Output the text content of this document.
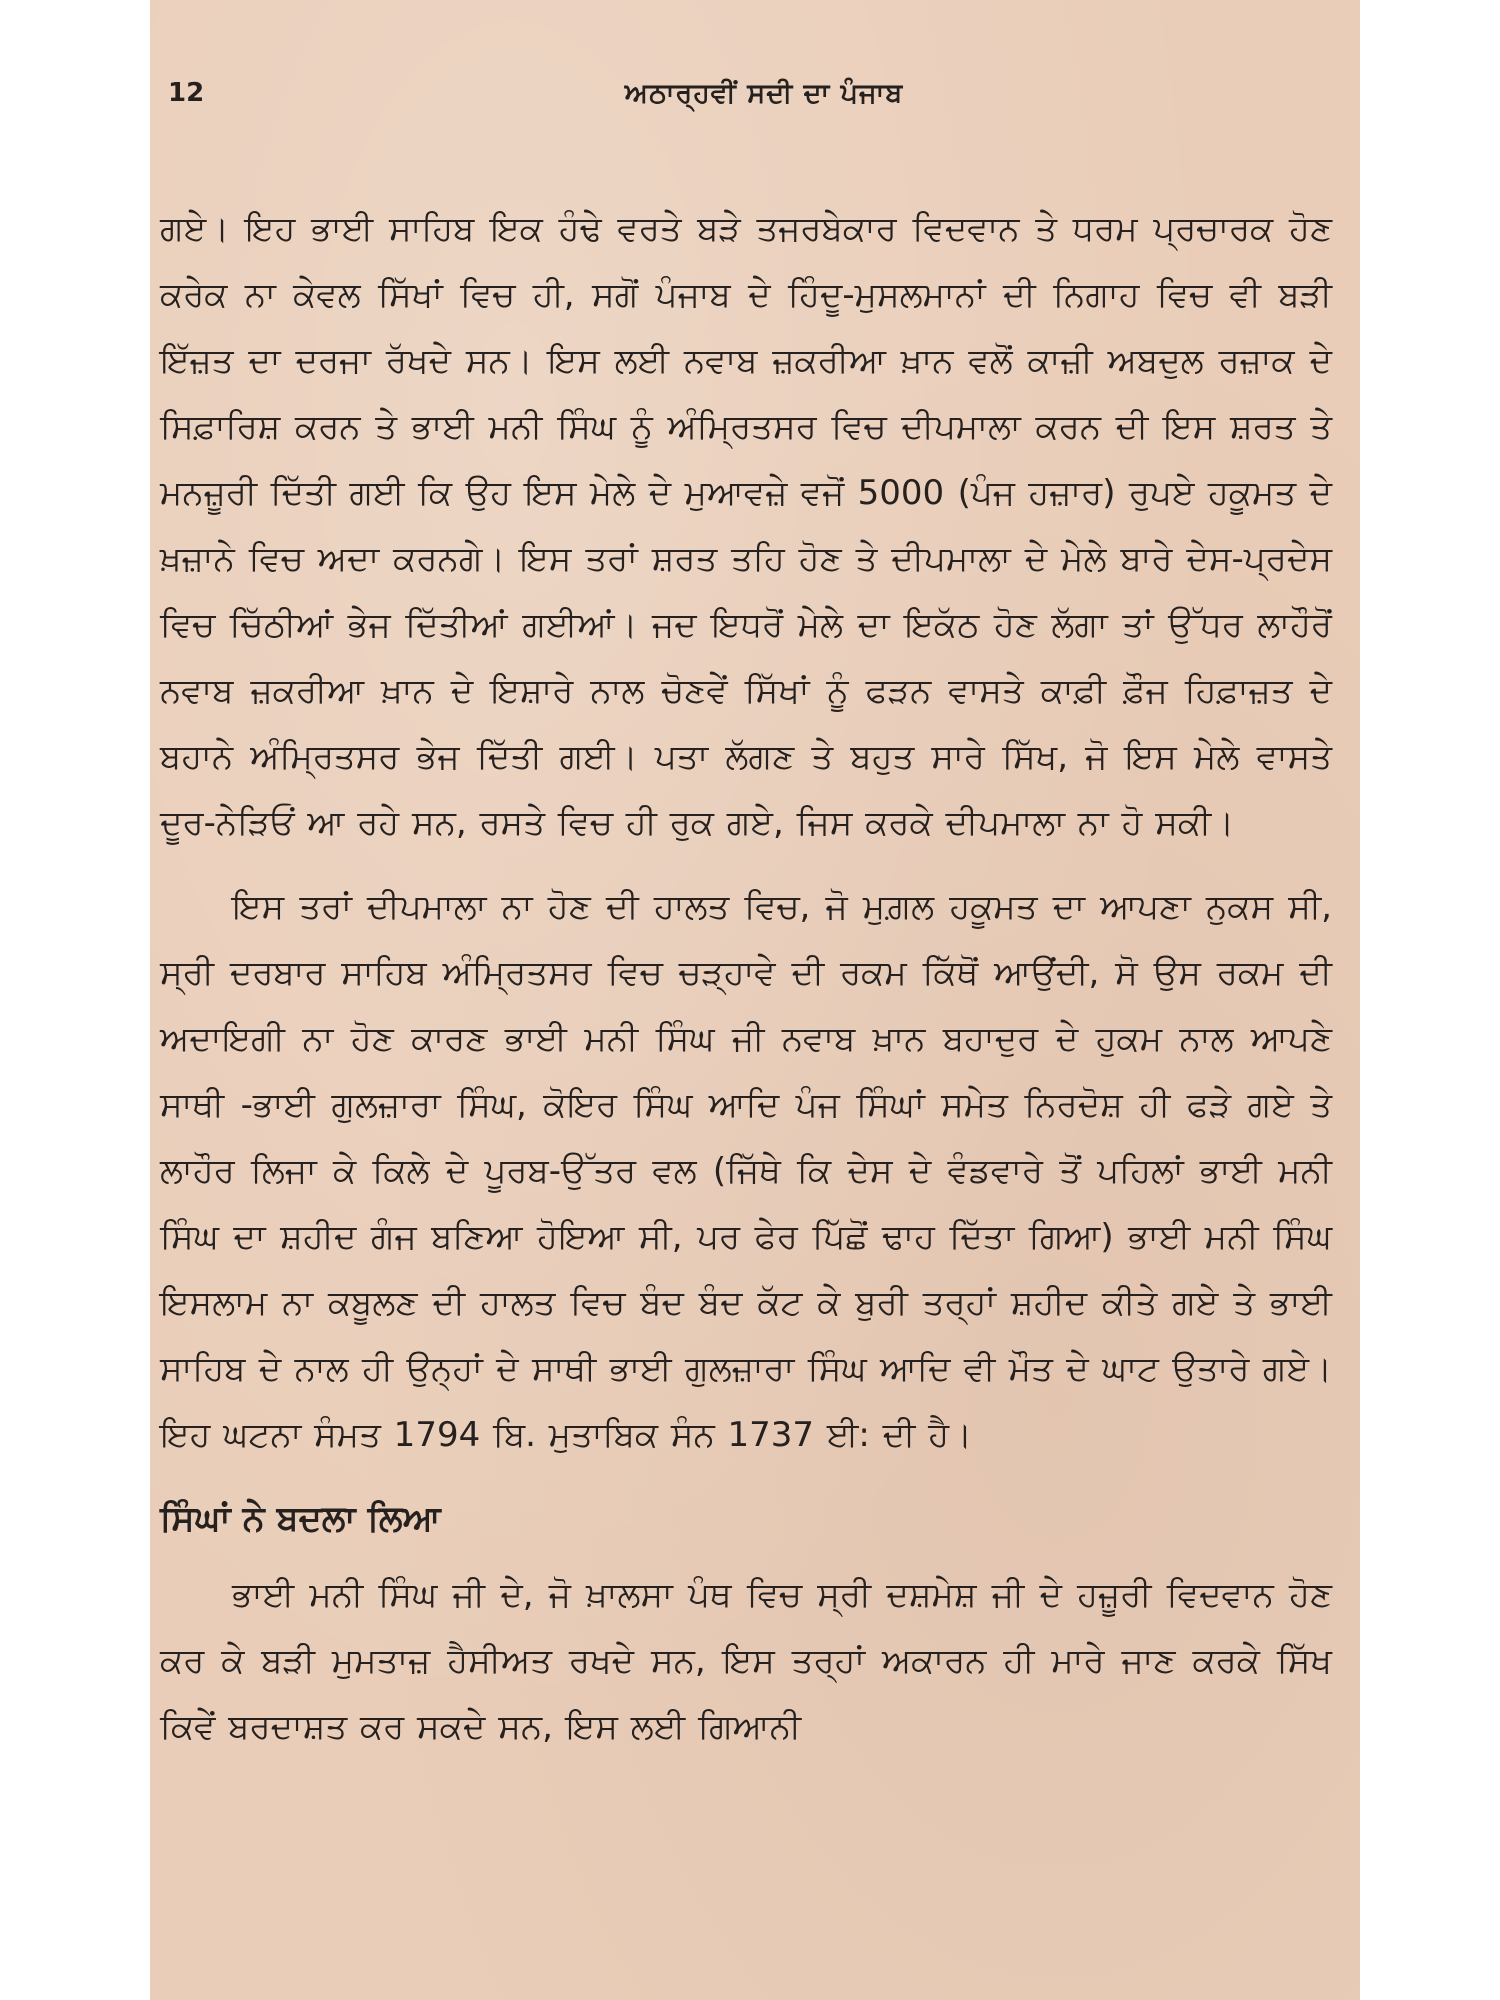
12	ਅਠਾਰ੍ਹਵੀਂ ਸਦੀ ਦਾ ਪੰਜਾਬ

ਗਏ। ਇਹ ਭਾਈ ਸਾਹਿਬ ਇਕ ਹੰਢੇ ਵਰਤੇ ਬੜੇ ਤਜਰਬੇਕਾਰ ਵਿਦਵਾਨ ਤੇ ਧਰਮ ਪ੍ਰਚਾਰਕ ਹੋਣ ਕਰੇਕ ਨਾ ਕੇਵਲ ਸਿੱਖਾਂ ਵਿਚ ਹੀ, ਸਗੋਂ ਪੰਜਾਬ ਦੇ ਹਿੰਦੂ-ਮੁਸਲਮਾਨਾਂ ਦੀ ਨਿਗਾਹ ਵਿਚ ਵੀ ਬੜੀ ਇੱਜ਼ਤ ਦਾ ਦਰਜਾ ਰੱਖਦੇ ਸਨ। ਇਸ ਲਈ ਨਵਾਬ ਜ਼ਕਰੀਆ ਖ਼ਾਨ ਵਲੋਂ ਕਾਜ਼ੀ ਅਬਦੁਲ ਰਜ਼ਾਕ ਦੇ ਸਿਫ਼ਾਰਿਸ਼ ਕਰਨ ਤੇ ਭਾਈ ਮਨੀ ਸਿੰਘ ਨੂੰ ਅੰਮ੍ਰਿਤਸਰ ਵਿਚ ਦੀਪਮਾਲਾ ਕਰਨ ਦੀ ਇਸ ਸ਼ਰਤ ਤੇ ਮਨਜ਼ੂਰੀ ਦਿੱਤੀ ਗਈ ਕਿ ਉਹ ਇਸ ਮੇਲੇ ਦੇ ਮੁਆਵਜ਼ੇ ਵਜੋਂ 5000 (ਪੰਜ ਹਜ਼ਾਰ) ਰੁਪਏ ਹਕੂਮਤ ਦੇ ਖ਼ਜ਼ਾਨੇ ਵਿਚ ਅਦਾ ਕਰਨਗੇ। ਇਸ ਤਰਾਂ ਸ਼ਰਤ ਤਹਿ ਹੋਣ ਤੇ ਦੀਪਮਾਲਾ ਦੇ ਮੇਲੇ ਬਾਰੇ ਦੇਸ-ਪ੍ਰਦੇਸ ਵਿਚ ਚਿੱਠੀਆਂ ਭੇਜ ਦਿੱਤੀਆਂ ਗਈਆਂ। ਜਦ ਇਧਰੋਂ ਮੇਲੇ ਦਾ ਇਕੱਠ ਹੋਣ ਲੱਗਾ ਤਾਂ ਉੱਧਰ ਲਾਹੌਰੋਂ ਨਵਾਬ ਜ਼ਕਰੀਆ ਖ਼ਾਨ ਦੇ ਇਸ਼ਾਰੇ ਨਾਲ ਚੋਣਵੇਂ ਸਿੱਖਾਂ ਨੂੰ ਫੜਨ ਵਾਸਤੇ ਕਾਫ਼ੀ ਫ਼ੌਜ ਹਿਫ਼ਾਜ਼ਤ ਦੇ ਬਹਾਨੇ ਅੰਮ੍ਰਿਤਸਰ ਭੇਜ ਦਿੱਤੀ ਗਈ। ਪਤਾ ਲੱਗਣ ਤੇ ਬਹੁਤ ਸਾਰੇ ਸਿੱਖ, ਜੋ ਇਸ ਮੇਲੇ ਵਾਸਤੇ ਦੂਰ-ਨੇੜਿਓਂ ਆ ਰਹੇ ਸਨ, ਰਸਤੇ ਵਿਚ ਹੀ ਰੁਕ ਗਏ, ਜਿਸ ਕਰਕੇ ਦੀਪਮਾਲਾ ਨਾ ਹੋ ਸਕੀ।

ਇਸ ਤਰਾਂ ਦੀਪਮਾਲਾ ਨਾ ਹੋਣ ਦੀ ਹਾਲਤ ਵਿਚ, ਜੋ ਮੁਗ਼ਲ ਹਕੂਮਤ ਦਾ ਆਪਣਾ ਨੁਕਸ ਸੀ, ਸ੍ਰੀ ਦਰਬਾਰ ਸਾਹਿਬ ਅੰਮ੍ਰਿਤਸਰ ਵਿਚ ਚੜ੍ਹਾਵੇ ਦੀ ਰਕਮ ਕਿੱਥੋਂ ਆਉਂਦੀ, ਸੋ ਉਸ ਰਕਮ ਦੀ ਅਦਾਇਗੀ ਨਾ ਹੋਣ ਕਾਰਣ ਭਾਈ ਮਨੀ ਸਿੰਘ ਜੀ ਨਵਾਬ ਖ਼ਾਨ ਬਹਾਦੁਰ ਦੇ ਹੁਕਮ ਨਾਲ ਆਪਣੇ ਸਾਥੀ -ਭਾਈ ਗੁਲਜ਼ਾਰਾ ਸਿੰਘ, ਕੋਇਰ ਸਿੰਘ ਆਦਿ ਪੰਜ ਸਿੰਘਾਂ ਸਮੇਤ ਨਿਰਦੋਸ਼ ਹੀ ਫੜੇ ਗਏ ਤੇ ਲਾਹੌਰ ਲਿਜਾ ਕੇ ਕਿਲੇ ਦੇ ਪੂਰਬ-ਉੱਤਰ ਵਲ (ਜਿੱਥੇ ਕਿ ਦੇਸ ਦੇ ਵੰਡਵਾਰੇ ਤੋਂ ਪਹਿਲਾਂ ਭਾਈ ਮਨੀ ਸਿੰਘ ਦਾ ਸ਼ਹੀਦ ਗੰਜ ਬਣਿਆ ਹੋਇਆ ਸੀ, ਪਰ ਫੇਰ ਪਿੱਛੋਂ ਢਾਹ ਦਿੱਤਾ ਗਿਆ) ਭਾਈ ਮਨੀ ਸਿੰਘ ਇਸਲਾਮ ਨਾ ਕਬੂਲਣ ਦੀ ਹਾਲਤ ਵਿਚ ਬੰਦ ਬੰਦ ਕੱਟ ਕੇ ਬੁਰੀ ਤਰ੍ਹਾਂ ਸ਼ਹੀਦ ਕੀਤੇ ਗਏ ਤੇ ਭਾਈ ਸਾਹਿਬ ਦੇ ਨਾਲ ਹੀ ਉਨ੍ਹਾਂ ਦੇ ਸਾਥੀ ਭਾਈ ਗੁਲਜ਼ਾਰਾ ਸਿੰਘ ਆਦਿ ਵੀ ਮੌਤ ਦੇ ਘਾਟ ਉਤਾਰੇ ਗਏ। ਇਹ ਘਟਨਾ ਸੰਮਤ 1794 ਬਿ. ਮੁਤਾਬਿਕ ਸੰਨ 1737 ਈ: ਦੀ ਹੈ।

ਸਿੰਘਾਂ ਨੇ ਬਦਲਾ ਲਿਆ

ਭਾਈ ਮਨੀ ਸਿੰਘ ਜੀ ਦੇ, ਜੋ ਖ਼ਾਲਸਾ ਪੰਥ ਵਿਚ ਸ੍ਰੀ ਦਸ਼ਮੇਸ਼ ਜੀ ਦੇ ਹਜ਼ੂਰੀ ਵਿਦਵਾਨ ਹੋਣ ਕਰ ਕੇ ਬੜੀ ਮੁਮਤਾਜ਼ ਹੈਸੀਅਤ ਰਖਦੇ ਸਨ, ਇਸ ਤਰ੍ਹਾਂ ਅਕਾਰਨ ਹੀ ਮਾਰੇ ਜਾਣ ਕਰਕੇ ਸਿੱਖ ਕਿਵੇਂ ਬਰਦਾਸ਼ਤ ਕਰ ਸਕਦੇ ਸਨ, ਇਸ ਲਈ ਗਿਆਨੀ
